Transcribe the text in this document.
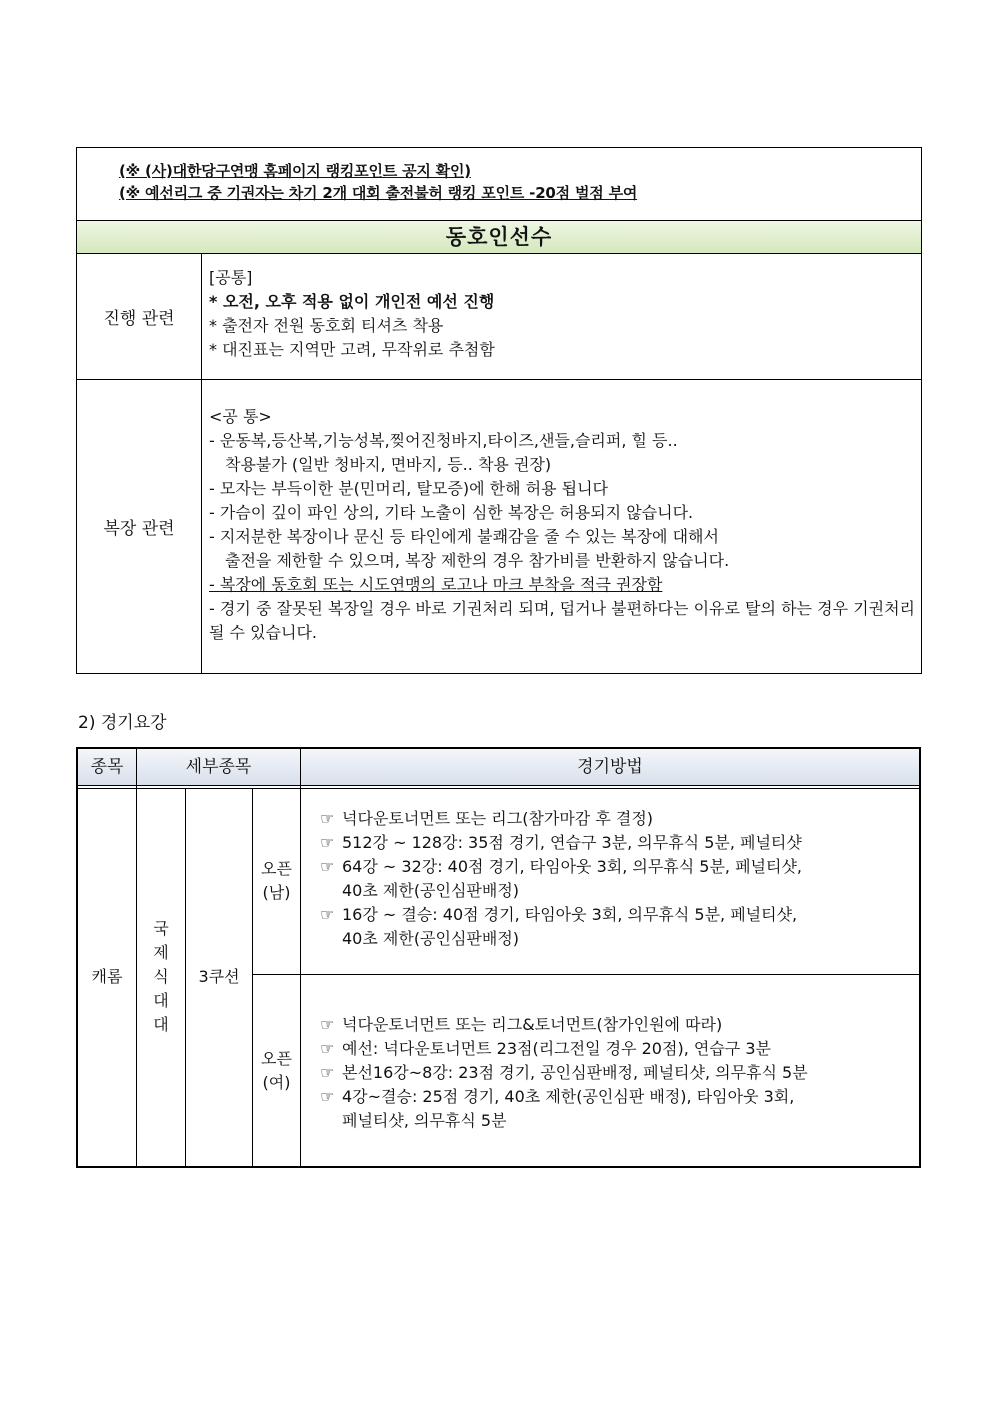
(※ (사)대한당구연맹 홈페이지 랭킹포인트 공지 확인)
(※ 예선리그 중 기권자는 차기 2개 대회 출전불허 랭킹 포인트 -20점 벌점 부여
동호인선수
진행 관련
[공통]
* 오전, 오후 적용 없이 개인전 예선 진행
* 출전자 전원 동호회 티셔츠 착용
* 대진표는 지역만 고려, 무작위로 추첨함
복장 관련
<공 통>
- 운동복,등산복,기능성복,찢어진청바지,타이즈,샌들,슬리퍼, 힐 등..
착용불가 (일반 청바지, 면바지, 등.. 착용 권장)
- 모자는 부득이한 분(민머리, 탈모증)에 한해 허용 됩니다
- 가슴이 깊이 파인 상의, 기타 노출이 심한 복장은 허용되지 않습니다.
- 지저분한 복장이나 문신 등 타인에게 불쾌감을 줄 수 있는 복장에 대해서
출전을 제한할 수 있으며, 복장 제한의 경우 참가비를 반환하지 않습니다.
- 복장에 동호회 또는 시도연맹의 로고나 마크 부착을 적극 권장함
- 경기 중 잘못된 복장일 경우 바로 기권처리 되며, 덥거나 불편하다는 이유로 탈의 하는 경우 기권처리 될 수 있습니다.
2) 경기요강
종목	세부종목	경기방법
캐롬
국
제
식
대
대
3쿠션
오픈
(남)
오픈
(여)
☞ 넉다운토너먼트 또는 리그(참가마감 후 결정)
☞ 512강 ~ 128강: 35점 경기, 연습구 3분, 의무휴식 5분, 페널티샷
☞ 64강 ~ 32강: 40점 경기, 타임아웃 3회, 의무휴식 5분, 페널티샷,
40초 제한(공인심판배정)
☞ 16강 ~ 결승: 40점 경기, 타임아웃 3회, 의무휴식 5분, 페널티샷,
40초 제한(공인심판배정)
☞ 넉다운토너먼트 또는 리그&토너먼트(참가인원에 따라)
☞ 예선: 넉다운토너먼트 23점(리그전일 경우 20점), 연습구 3분
☞ 본선16강~8강: 23점 경기, 공인심판배정, 페널티샷, 의무휴식 5분
☞ 4강~결승: 25점 경기, 40초 제한(공인심판 배정), 타임아웃 3회,
페널티샷, 의무휴식 5분
